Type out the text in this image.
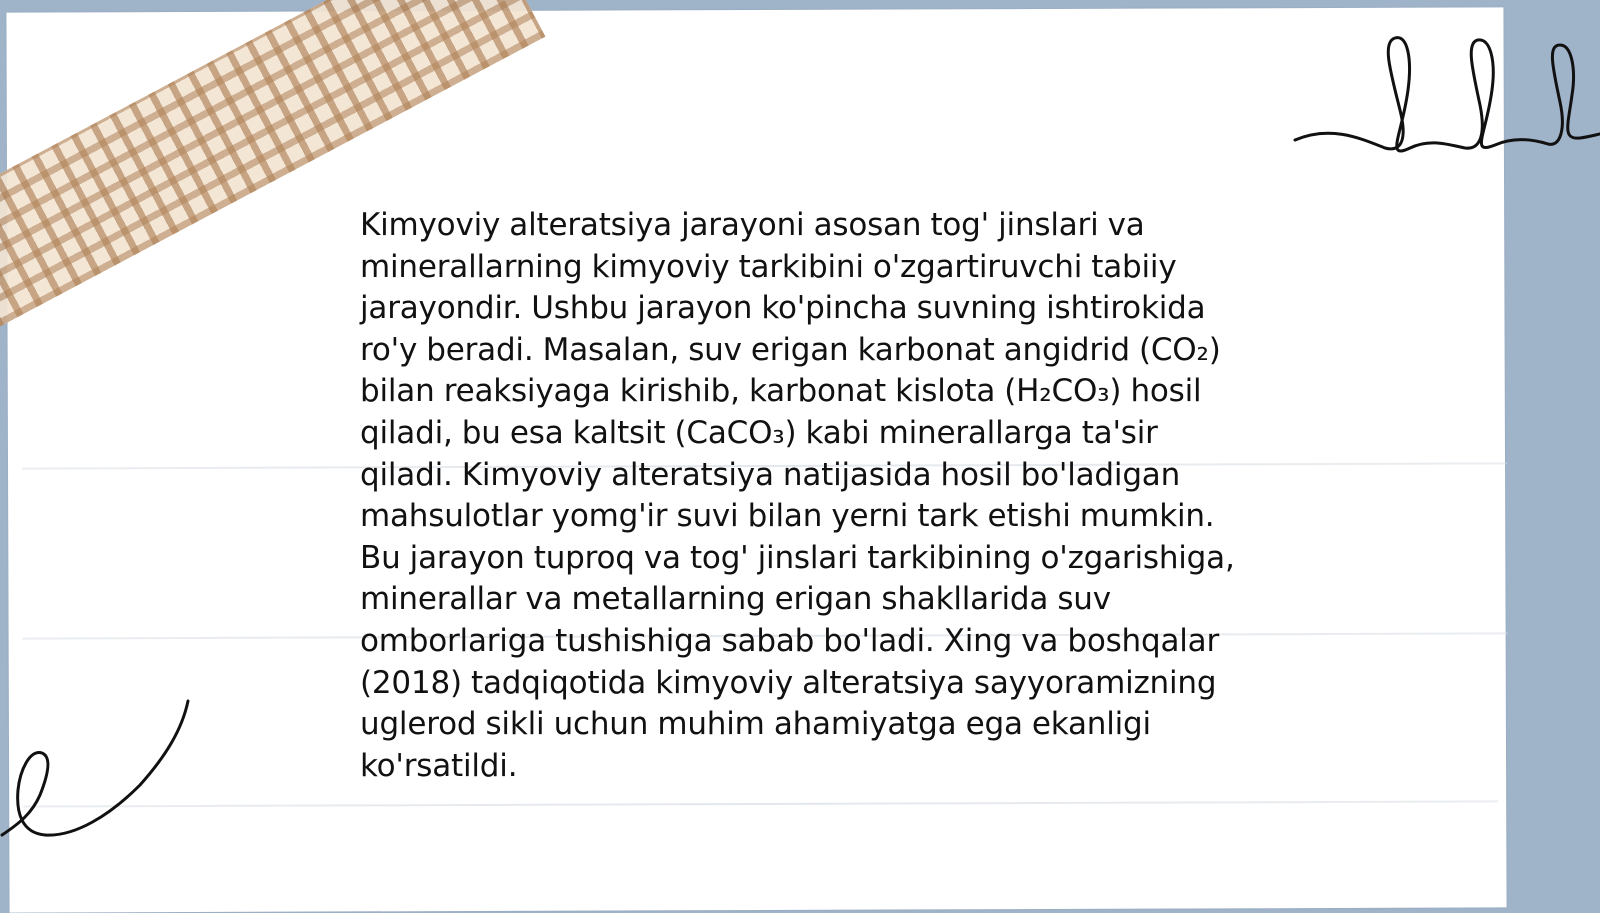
Kimyoviy alteratsiya jarayoni asosan tog' jinslari va minerallarning kimyoviy tarkibini o'zgartiruvchi tabiiy jarayondir. Ushbu jarayon ko'pincha suvning ishtirokida ro'y beradi. Masalan, suv erigan karbonat angidrid (CO₂) bilan reaksiyaga kirishib, karbonat kislota (H₂CO₃) hosil qiladi, bu esa kaltsit (CaCO₃) kabi minerallarga ta'sir qiladi. Kimyoviy alteratsiya natijasida hosil bo'ladigan mahsulotlar yomg'ir suvi bilan yerni tark etishi mumkin. Bu jarayon tuproq va tog' jinslari tarkibining o'zgarishiga, minerallar va metallarning erigan shakllarida suv omborlariga tushishiga sabab bo'ladi. Xing va boshqalar (2018) tadqiqotida kimyoviy alteratsiya sayyoramizning uglerod sikli uchun muhim ahamiyatga ega ekanligi ko'rsatildi.
